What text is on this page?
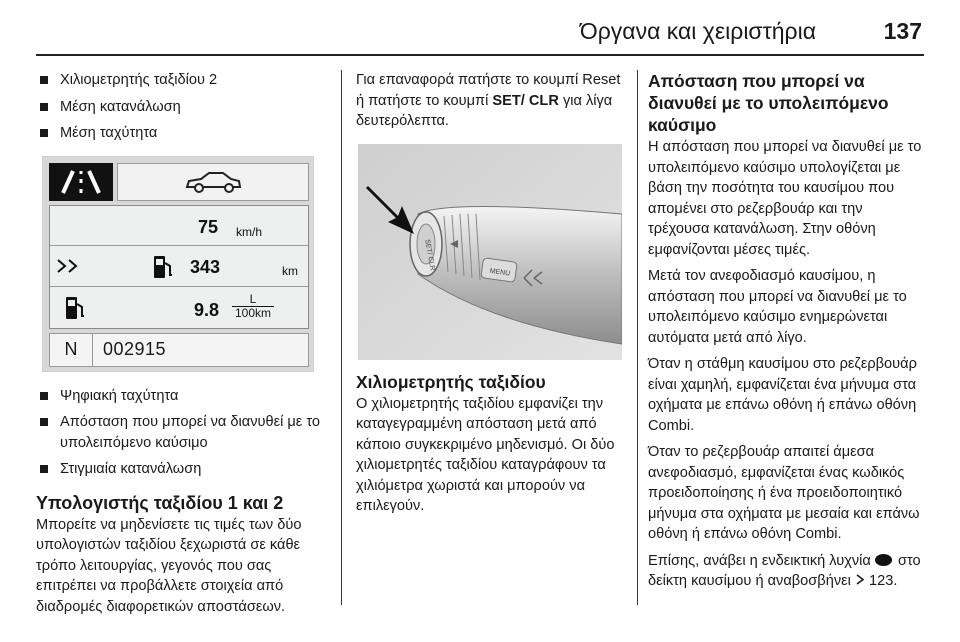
Όργανα και χειριστήρια	137
Χιλιομετρητής ταξιδίου 2
Μέση κατανάλωση
Μέση ταχύτητα
75 km/h
343	km
$9.8 \frac{L}{100km}$
N	002915
Ψηφιακή ταχύτητα
Απόσταση που μπορεί να διανυθεί με το υπολειπόμενο καύσιμο
Στιγμιαία κατανάλωση
Υπολογιστής ταξιδίου 1 και 2

Μπορείτε να μηδενίσετε τις τιμές των δύο υπολογιστών ταξιδίου ξεχωριστά σε κάθε τρόπο λειτουργίας, γεγονός που σας επιτρέπει να προβάλλετε στοιχεία από διαδρομές διαφορετικών αποστάσεων.

Για επαναφορά πατήστε το κουμπί Reset ή πατήστε το κουμπί SET/ CLR για λίγα δευτερόλεπτα.

SET/ CLR
MENU
Χιλιομετρητής ταξιδίου

Ο χιλιομετρητής ταξιδίου εμφανίζει την καταγεγραμμένη απόσταση μετά από κάποιο συγκεκριμένο μηδενισμό. Οι δύο χιλιομετρητές ταξιδίου καταγράφουν τα χιλιόμετρα χωριστά και μπορούν να επιλεγούν.

Απόσταση που μπορεί να διανυθεί με το υπολειπόμενο καύσιμο

Η απόσταση που μπορεί να διανυθεί με το υπολειπόμενο καύσιμο υπολογίζεται με βάση την ποσότητα του καυσίμου που απομένει στο ρεζερβουάρ και την τρέχουσα κατανάλωση. Στην οθόνη εμφανίζονται μέσες τιμές.

Μετά τον ανεφοδιασμό καυσίμου, η απόσταση που μπορεί να διανυθεί με το υπολειπόμενο καύσιμο ενημερώνεται αυτόματα μετά από λίγο.

Όταν η στάθμη καυσίμου στο ρεζερβουάρ είναι χαμηλή, εμφανίζεται ένα μήνυμα στα οχήματα με επάνω οθόνη ή επάνω οθόνη Combi.

Όταν το ρεζερβουάρ απαιτεί άμεσα ανεφοδιασμό, εμφανίζεται ένας κωδικός προειδοποίησης ή ένα προειδοποιητικό μήνυμα στα οχήματα με μεσαία και επάνω οθόνη ή επάνω οθόνη Combi.

Επίσης, ανάβει η ενδεικτική λυχνία  στο δείκτη καυσίμου ή αναβοσβήνει  123.
